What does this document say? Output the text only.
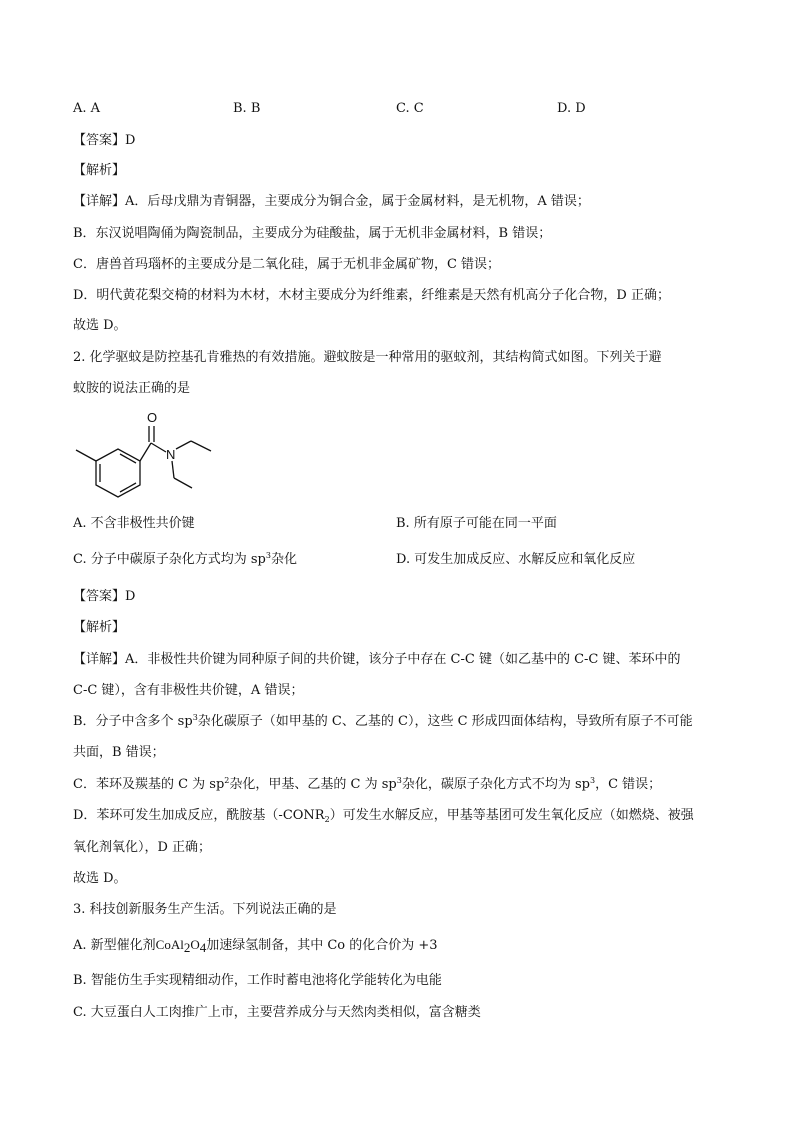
A. A	B. B	C. C	D. D
【答案】D
【解析】
【详解】A．后母戊鼎为青铜器，主要成分为铜合金，属于金属材料，是无机物，A 错误；
B．东汉说唱陶俑为陶瓷制品，主要成分为硅酸盐，属于无机非金属材料，B 错误；
C．唐兽首玛瑙杯的主要成分是二氧化硅，属于无机非金属矿物，C 错误；
D．明代黄花梨交椅的材料为木材，木材主要成分为纤维素，纤维素是天然有机高分子化合物，D 正确；
故选 D。
2. 化学驱蚊是防控基孔肯雅热的有效措施。避蚊胺是一种常用的驱蚊剂，其结构简式如图。下列关于避
蚊胺的说法正确的是
O
N
A. 不含非极性共价键	B. 所有原子可能在同一平面
C. 分子中碳原子杂化方式均为 $sp^3$杂化	D. 可发生加成反应、水解反应和氧化反应
【答案】D
【解析】
【详解】A．非极性共价键为同种原子间的共价键，该分子中存在 C-C 键（如乙基中的 C-C 键、苯环中的
C-C 键），含有非极性共价键，A 错误；
B．分子中含多个 $sp^3$杂化碳原子（如甲基的 C、乙基的 C），这些 C 形成四面体结构，导致所有原子不可能
共面，B 错误；
C．苯环及羰基的 C 为 $sp^2$杂化，甲基、乙基的 C 为 $sp^3$杂化，碳原子杂化方式不均为 $sp^3$，C 错误；
D．苯环可发生加成反应，酰胺基$(-CONR_2)$可发生水解反应，甲基等基团可发生氧化反应（如燃烧、被强
氧化剂氧化），D 正确；
故选 D。
3. 科技创新服务生产生活。下列说法正确的是
A. 新型催化剂$CoAl_2O_4$加速绿氢制备，其中 Co 的化合价为 +3
B. 智能仿生手实现精细动作，工作时蓄电池将化学能转化为电能
C. 大豆蛋白人工肉推广上市，主要营养成分与天然肉类相似，富含糖类
